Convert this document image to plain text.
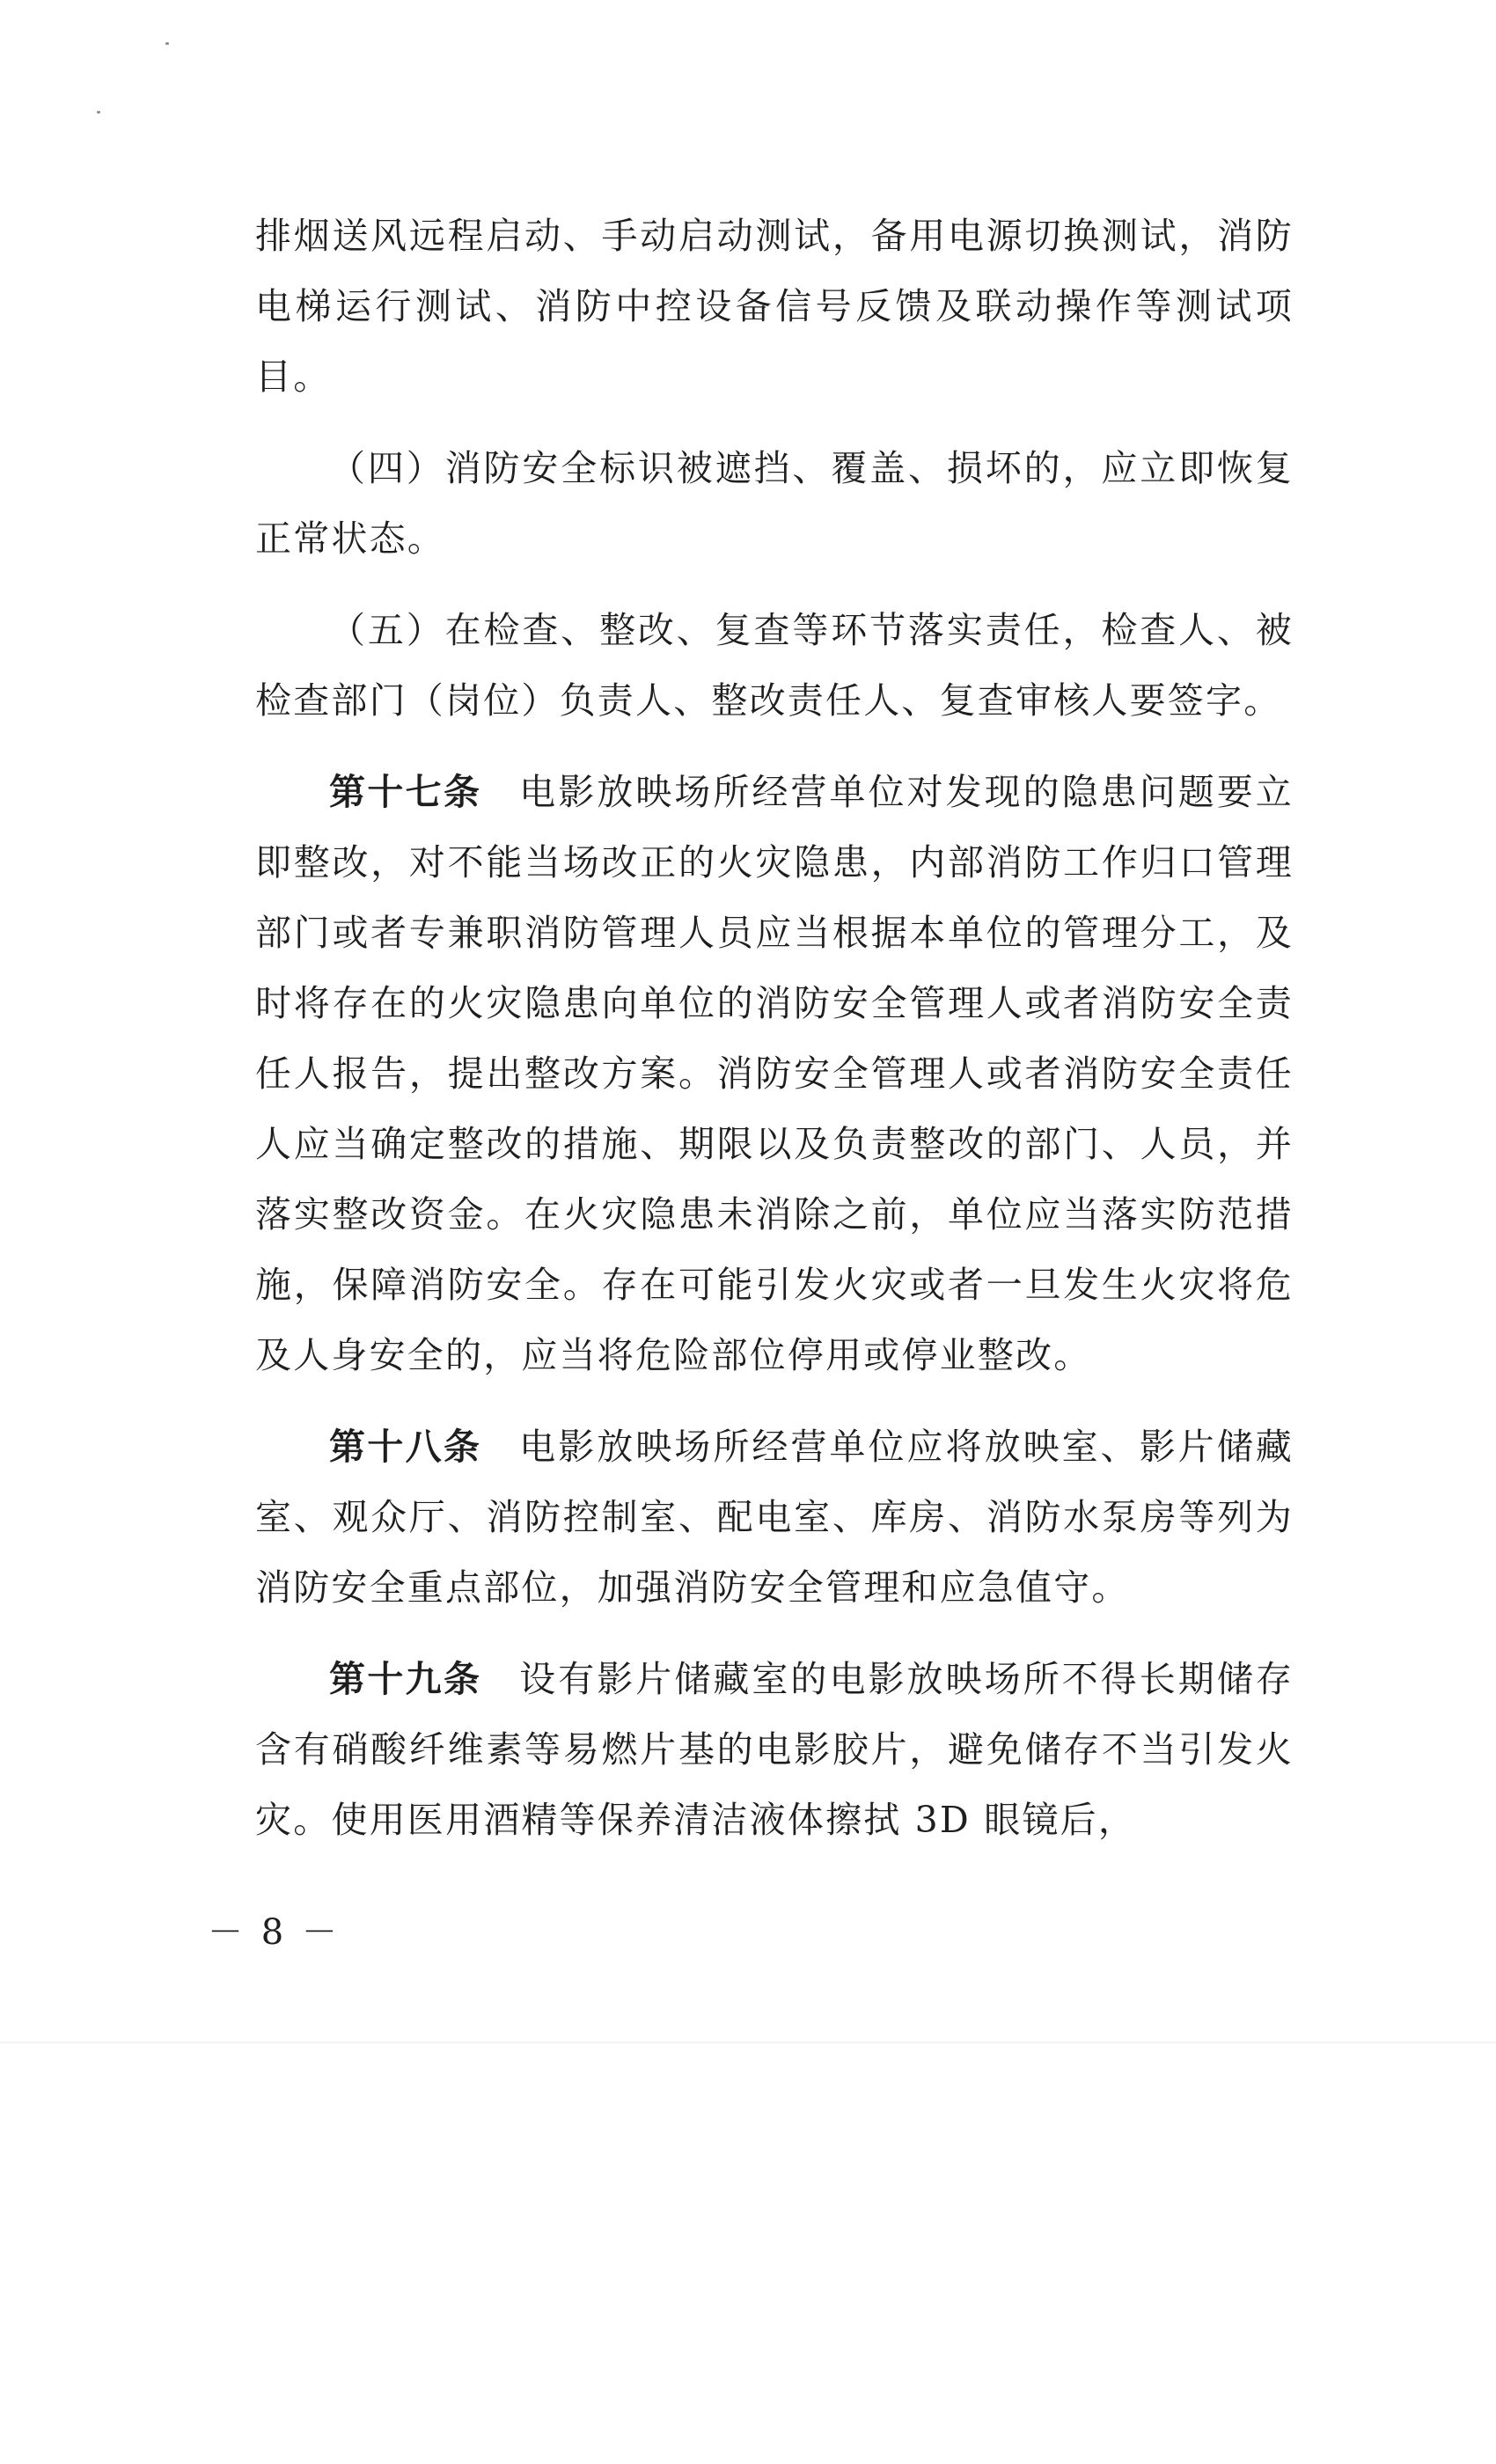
排烟送风远程启动、手动启动测试，备用电源切换测试，消防电梯运行测试、消防中控设备信号反馈及联动操作等测试项目。

（四）消防安全标识被遮挡、覆盖、损坏的，应立即恢复正常状态。

（五）在检查、整改、复查等环节落实责任，检查人、被检查部门（岗位）负责人、整改责任人、复查审核人要签字。

第十七条 电影放映场所经营单位对发现的隐患问题要立即整改，对不能当场改正的火灾隐患，内部消防工作归口管理部门或者专兼职消防管理人员应当根据本单位的管理分工，及时将存在的火灾隐患向单位的消防安全管理人或者消防安全责任人报告，提出整改方案。消防安全管理人或者消防安全责任人应当确定整改的措施、期限以及负责整改的部门、人员，并落实整改资金。在火灾隐患未消除之前，单位应当落实防范措施，保障消防安全。存在可能引发火灾或者一旦发生火灾将危及人身安全的，应当将危险部位停用或停业整改。

第十八条 电影放映场所经营单位应将放映室、影片储藏室、观众厅、消防控制室、配电室、库房、消防水泵房等列为消防安全重点部位，加强消防安全管理和应急值守。

第十九条 设有影片储藏室的电影放映场所不得长期储存含有硝酸纤维素等易燃片基的电影胶片，避免储存不当引发火灾。使用医用酒精等保养清洁液体擦拭 3D 眼镜后，

－ 8 －
